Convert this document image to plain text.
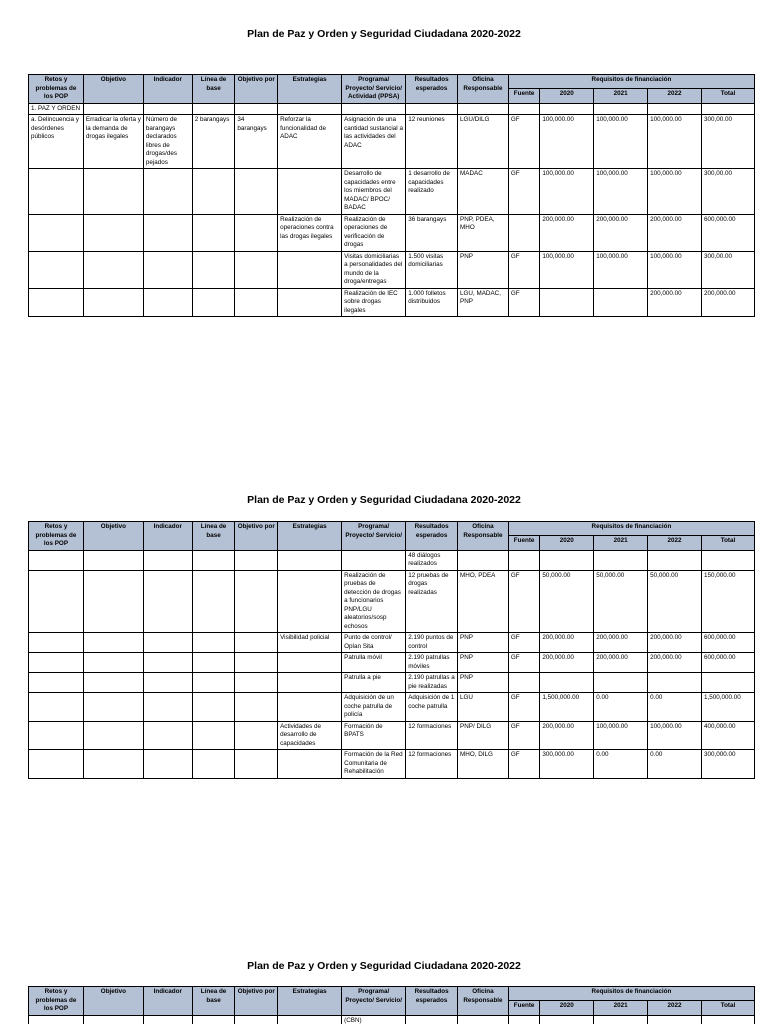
Plan de Paz y Orden y Seguridad Ciudadana 2020-2022
Retos y problemas de los POP	Objetivo	Indicador	Línea de base	Objetivo por	Estrategias	Programa/ Proyecto/ Servicio/ Actividad (PPSA)	Resultados esperados	Oficina Responsable	Requisitos de financiación				
									Fuente	2020	2021	2022	Total
1. PAZ Y ORDEN													
a. Delincuencia y desórdenes públicos	Erradicar la oferta y la demanda de drogas ilegales	Número de barangays declarados libres de drogas/des pejados	2 barangays	34 barangays	Reforzar la funcionalidad de ADAC	Asignación de una cantidad sustancial a las actividades del ADAC	12 reuniones	LGU/DILG	GF	100,000.00	100,000.00	100,000.00	300,00.00
						Desarrollo de capacidades entre los miembros del MADAC/ BPOC/ BADAC	1 desarrollo de capacidades realizado	MADAC	GF	100,000.00	100,000.00	100,000.00	300,00.00
					Realización de operaciones contra las drogas ilegales	Realización de operaciones de verificación de drogas	36 barangays	PNP, PDEA, MHO		200,000.00	200,000.00	200,000.00	600,000.00
						Visitas domiciliarias a personalidades del mundo de la droga/entregas	1.500 visitas domiciliarias	PNP	GF	100,000.00	100,000.00	100,000.00	300,00.00
						Realización de IEC sobre drogas ilegales	1.000 folletos distribuidos	LGU, MADAC, PNP	GF			200,000.00	200,000.00
Plan de Paz y Orden y Seguridad Ciudadana 2020-2022
Retos y problemas de los POP	Objetivo	Indicador	Línea de base	Objetivo por	Estrategias	Programa/ Proyecto/ Servicio/	Resultados esperados	Oficina Responsable	Requisitos de financiación				
									Fuente	2020	2021	2022	Total
							48 diálogos realizados						
						Realización de pruebas de detección de drogas a funcionarios PNP/LGU aleatorios/sosp echosos	12 pruebas de drogas realizadas	MHO, PDEA	GF	50,000.00	50,000.00	50,000.00	150,000.00
					Visibilidad policial	Punto de control/ Oplan Sita	2.190 puntos de control	PNP	GF	200,000.00	200,000.00	200,000.00	600,000.00
						Patrulla móvil	2.190 patrullas móviles	PNP	GF	200,000.00	200,000.00	200,000.00	600,000.00
						Patrulla a pie	2.190 patrullas a pie realizadas	PNP					
						Adquisición de un coche patrulla de policía	Adquisición de 1 coche patrulla	LGU	GF	1,500,000.00	0.00	0.00	1,500,000.00
					Actividades de desarrollo de capacidades	Formación de BPATS	12 formaciones	PNP/ DILG	GF	200,000.00	100,000.00	100,000.00	400,000.00
						Formación de la Red Comunitaria de Rehabilitación	12 formaciones	MHO, DILG	GF	300,000.00	0.00	0.00	300,000.00
Plan de Paz y Orden y Seguridad Ciudadana 2020-2022
Retos y problemas de los POP	Objetivo	Indicador	Línea de base	Objetivo por	Estrategias	Programa/ Proyecto/ Servicio/	Resultados esperados	Oficina Responsable	Requisitos de financiación				
									Fuente	2020	2021	2022	Total
						(CBN)							
